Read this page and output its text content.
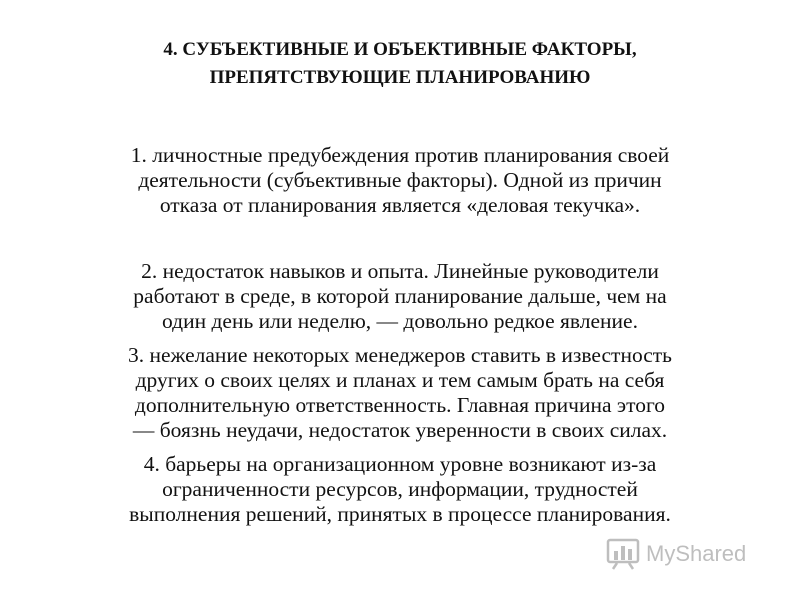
4. СУБЪЕКТИВНЫЕ И ОБЪЕКТИВНЫЕ ФАКТОРЫ,
ПРЕПЯТСТВУЮЩИЕ ПЛАНИРОВАНИЮ
1. личностные предубеждения против планирования своей
деятельности (субъективные факторы). Одной из причин
отказа от планирования является «деловая текучка».
2. недостаток навыков и опыта. Линейные руководители
работают в среде, в которой планирование дальше, чем на
один день или неделю, — довольно редкое явление.
3. нежелание некоторых менеджеров ставить в известность
других о своих целях и планах и тем самым брать на себя
дополнительную ответственность. Главная причина этого
— боязнь неудачи, недостаток уверенности в своих силах.
4. барьеры на организационном уровне возникают из-за
ограниченности ресурсов, информации, трудностей
выполнения решений, принятых в процессе планирования.
MyShared
